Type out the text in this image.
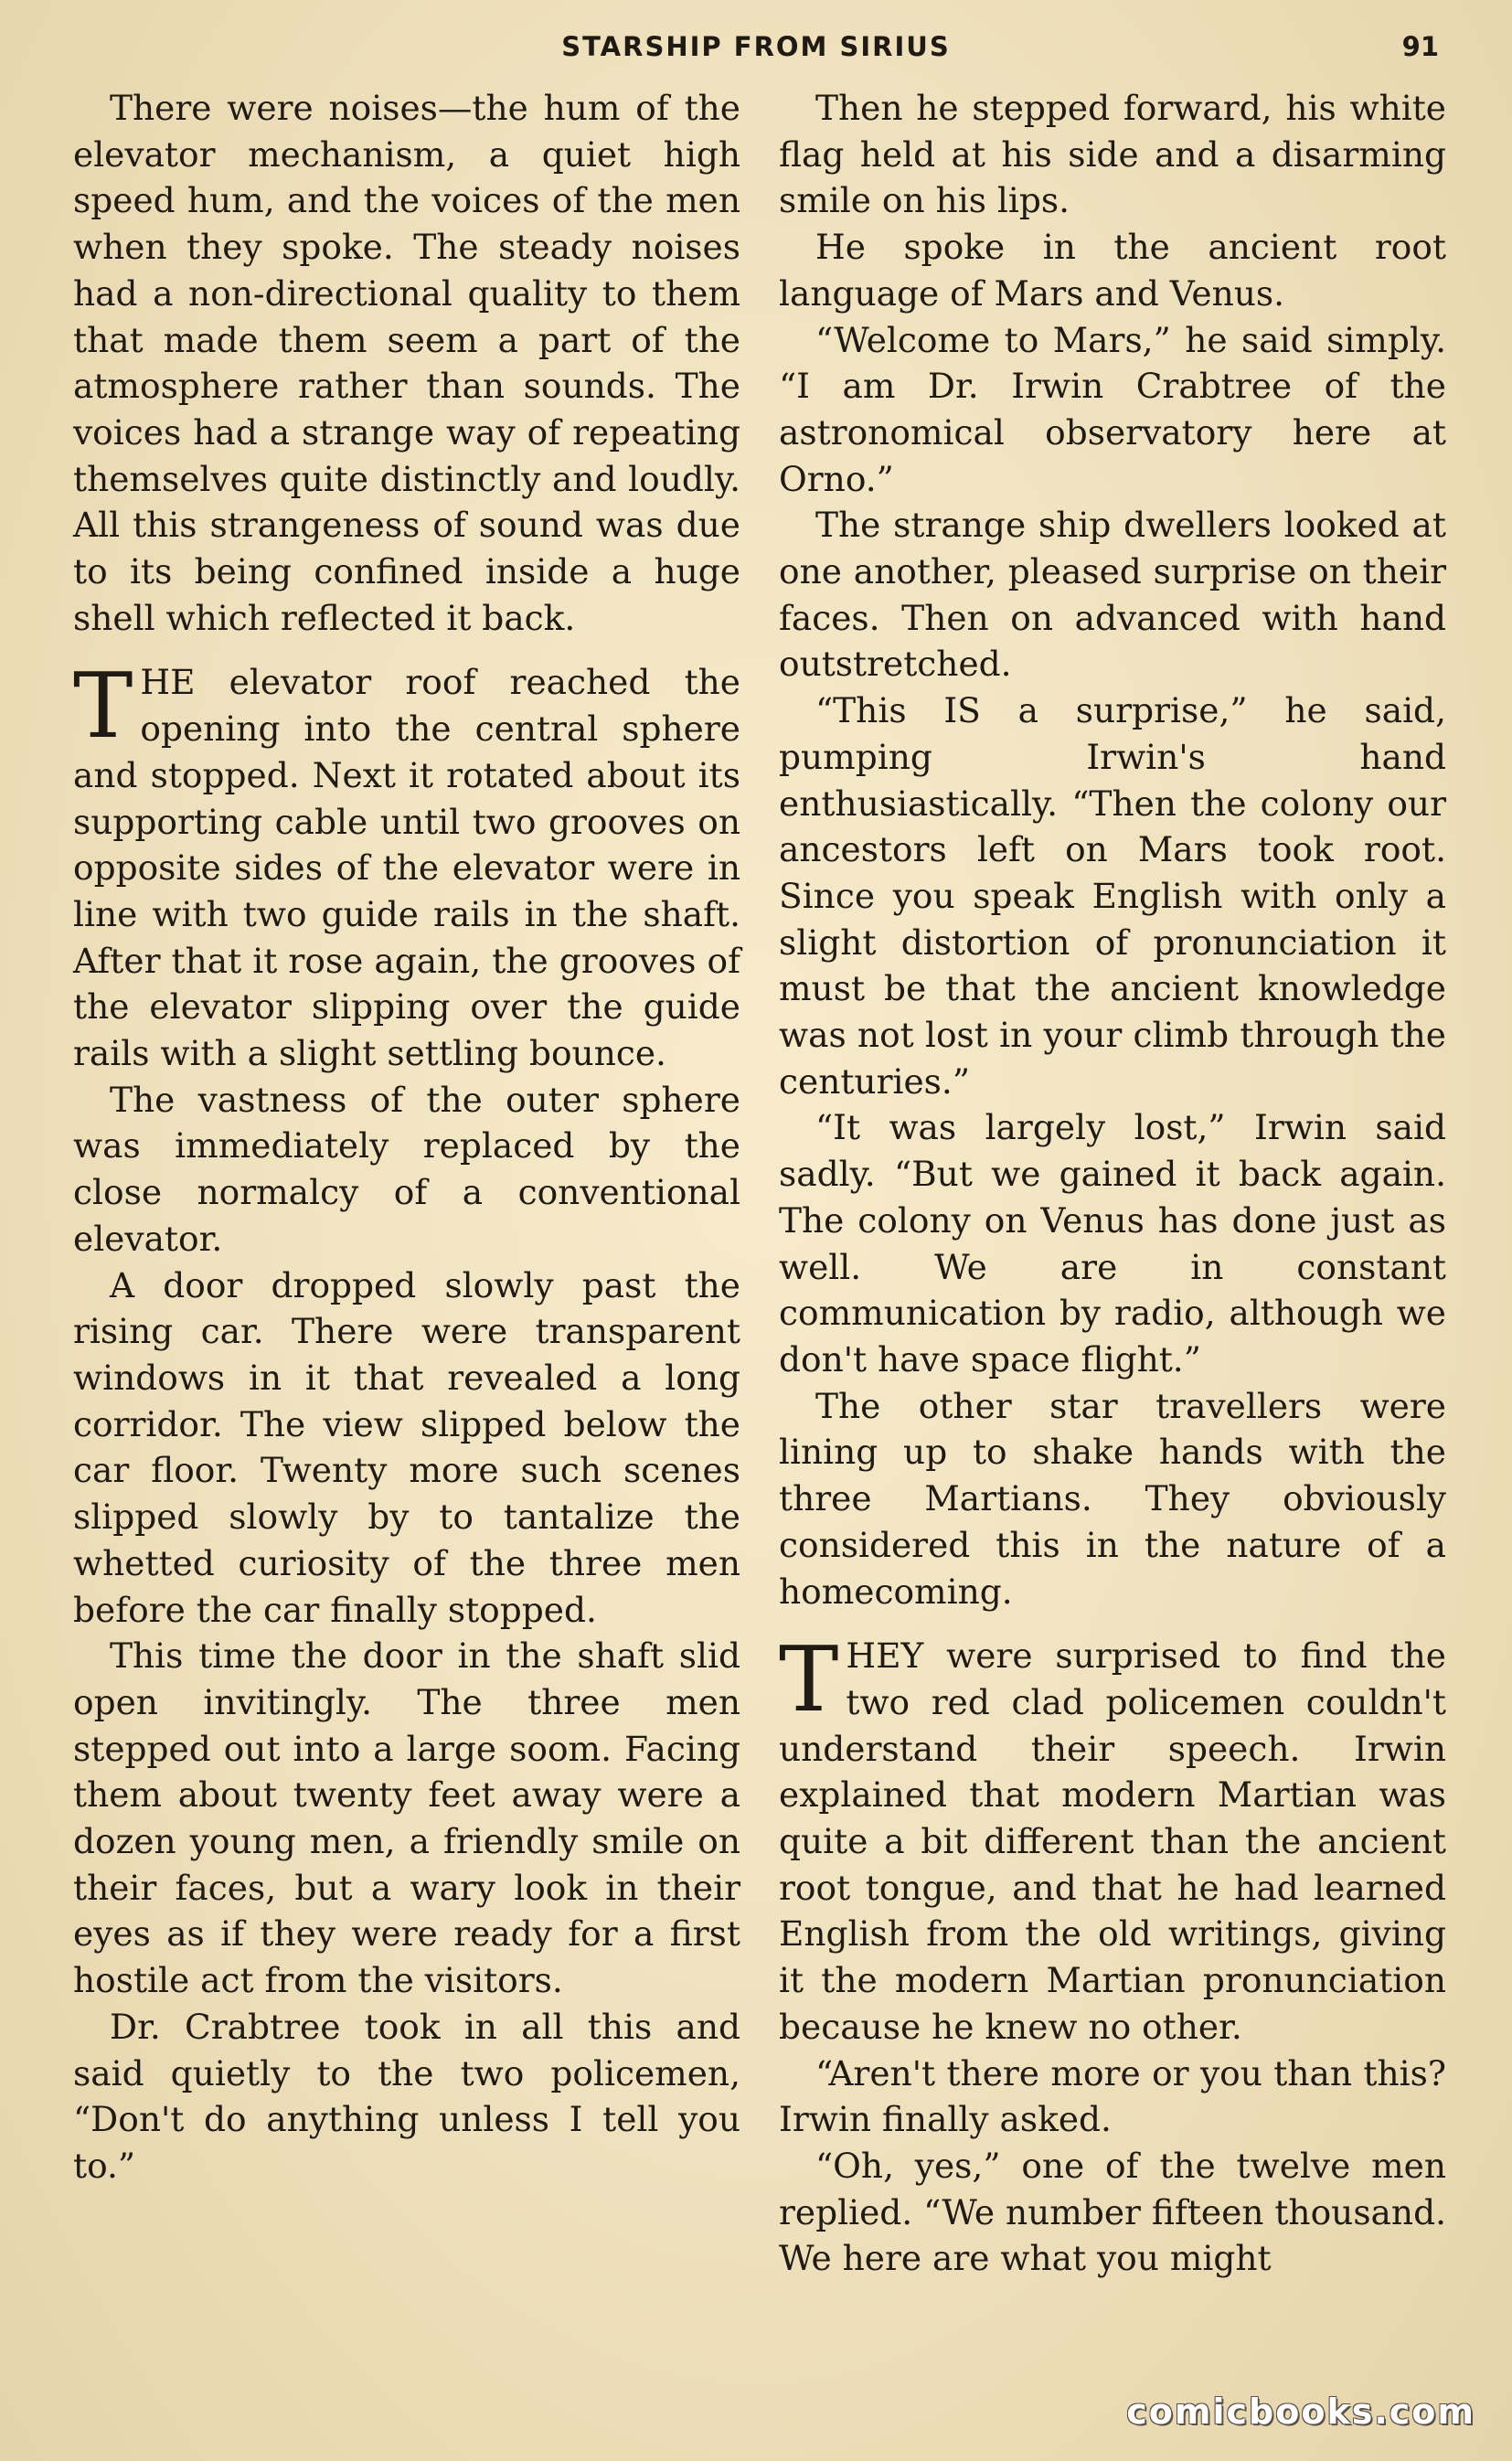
STARSHIP FROM SIRIUS	91

There were noises—the hum of the elevator mechanism, a quiet high speed hum, and the voices of the men when they spoke. The steady noises had a non-directional quality to them that made them seem a part of the atmosphere rather than sounds. The voices had a strange way of repeating themselves quite distinctly and loudly. All this strangeness of sound was due to its being confined inside a huge shell which reflected it back.

THE elevator roof reached the opening into the central sphere and stopped. Next it rotated about its supporting cable until two grooves on opposite sides of the elevator were in line with two guide rails in the shaft. After that it rose again, the grooves of the elevator slipping over the guide rails with a slight settling bounce.

The vastness of the outer sphere was immediately replaced by the close normalcy of a conventional elevator.

A door dropped slowly past the rising car. There were transparent windows in it that revealed a long corridor. The view slipped below the car floor. Twenty more such scenes slipped slowly by to tantalize the whetted curiosity of the three men before the car finally stopped.

This time the door in the shaft slid open invitingly. The three men stepped out into a large soom. Facing them about twenty feet away were a dozen young men, a friendly smile on their faces, but a wary look in their eyes as if they were ready for a first hostile act from the visitors.

Dr. Crabtree took in all this and said quietly to the two policemen, “Don't do anything unless I tell you to.”

Then he stepped forward, his white flag held at his side and a disarming smile on his lips.

He spoke in the ancient root language of Mars and Venus.

“Welcome to Mars,” he said simply. “I am Dr. Irwin Crabtree of the astronomical observatory here at Orno.”

The strange ship dwellers looked at one another, pleased surprise on their faces. Then on advanced with hand outstretched.

“This IS a surprise,” he said, pumping Irwin's hand enthusiastically. “Then the colony our ancestors left on Mars took root. Since you speak English with only a slight distortion of pronunciation it must be that the ancient knowledge was not lost in your climb through the centuries.”

“It was largely lost,” Irwin said sadly. “But we gained it back again. The colony on Venus has done just as well. We are in constant communication by radio, although we don't have space flight.”

The other star travellers were lining up to shake hands with the three Martians. They obviously considered this in the nature of a homecoming.

THEY were surprised to find the two red clad policemen couldn't understand their speech. Irwin explained that modern Martian was quite a bit different than the ancient root tongue, and that he had learned English from the old writings, giving it the modern Martian pronunciation because he knew no other.

“Aren't there more or you than this? Irwin finally asked.

“Oh, yes,” one of the twelve men replied. “We number fifteen thousand. We here are what you might

comicbooks.com
